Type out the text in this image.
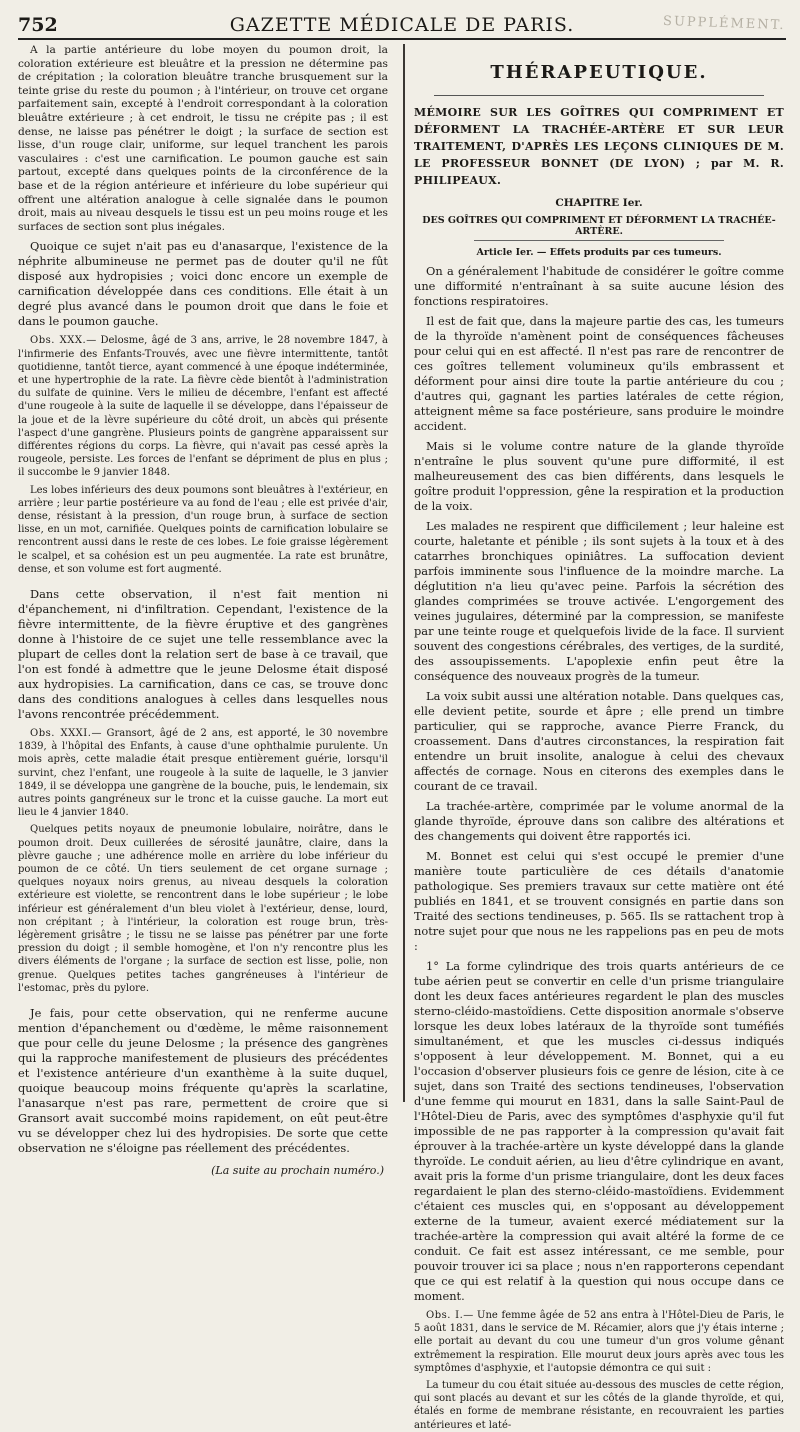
752	GAZETTE MÉDICALE DE PARIS.	SUPPLÉMENT.

A la partie antérieure du lobe moyen du poumon droit, la coloration extérieure est bleuâtre et la pression ne détermine pas de crépitation ; la coloration bleuâtre tranche brusquement sur la teinte grise du reste du poumon ; à l'intérieur, on trouve cet organe parfaitement sain, excepté à l'endroit correspondant à la coloration bleuâtre extérieure ; à cet endroit, le tissu ne crépite pas ; il est dense, ne laisse pas pénétrer le doigt ; la surface de section est lisse, d'un rouge clair, uniforme, sur lequel tranchent les parois vasculaires : c'est une carnification. Le poumon gauche est sain partout, excepté dans quelques points de la circonférence de la base et de la région antérieure et inférieure du lobe supérieur qui offrent une altération analogue à celle signalée dans le poumon droit, mais au niveau desquels le tissu est un peu moins rouge et les surfaces de section sont plus inégales.

Quoique ce sujet n'ait pas eu d'anasarque, l'existence de la néphrite albumineuse ne permet pas de douter qu'il ne fût disposé aux hydropisies ; voici donc encore un exemple de carnification développée dans ces conditions. Elle était à un degré plus avancé dans le poumon droit que dans le foie et dans le poumon gauche.

Obs. XXX.— Delosme, âgé de 3 ans, arrive, le 28 novembre 1847, à l'infirmerie des Enfants-Trouvés, avec une fièvre intermittente, tantôt quotidienne, tantôt tierce, ayant commencé à une époque indéterminée, et une hypertrophie de la rate. La fièvre cède bientôt à l'administration du sulfate de quinine. Vers le milieu de décembre, l'enfant est affecté d'une rougeole à la suite de laquelle il se développe, dans l'épaisseur de la joue et de la lèvre supérieure du côté droit, un abcès qui présente l'aspect d'une gangrène. Plusieurs points de gangrène apparaissent sur différentes régions du corps. La fièvre, qui n'avait pas cessé après la rougeole, persiste. Les forces de l'enfant se dépriment de plus en plus ; il succombe le 9 janvier 1848.

Les lobes inférieurs des deux poumons sont bleuâtres à l'extérieur, en arrière ; leur partie postérieure va au fond de l'eau ; elle est privée d'air, dense, résistant à la pression, d'un rouge brun, à surface de section lisse, en un mot, carnifiée. Quelques points de carnification lobulaire se rencontrent aussi dans le reste de ces lobes. Le foie graisse légèrement le scalpel, et sa cohésion est un peu augmentée. La rate est brunâtre, dense, et son volume est fort augmenté.

Dans cette observation, il n'est fait mention ni d'épanchement, ni d'infiltration. Cependant, l'existence de la fièvre intermittente, de la fièvre éruptive et des gangrènes donne à l'histoire de ce sujet une telle ressemblance avec la plupart de celles dont la relation sert de base à ce travail, que l'on est fondé à admettre que le jeune Delosme était disposé aux hydropisies. La carnification, dans ce cas, se trouve donc dans des conditions analogues à celles dans lesquelles nous l'avons rencontrée précédemment.

Obs. XXXI.— Gransort, âgé de 2 ans, est apporté, le 30 novembre 1839, à l'hôpital des Enfants, à cause d'une ophthalmie purulente. Un mois après, cette maladie était presque entièrement guérie, lorsqu'il survint, chez l'enfant, une rougeole à la suite de laquelle, le 3 janvier 1849, il se développa une gangrène de la bouche, puis, le lendemain, six autres points gangréneux sur le tronc et la cuisse gauche. La mort eut lieu le 4 janvier 1840.

Quelques petits noyaux de pneumonie lobulaire, noirâtre, dans le poumon droit. Deux cuillerées de sérosité jaunâtre, claire, dans la plèvre gauche ; une adhérence molle en arrière du lobe inférieur du poumon de ce côté. Un tiers seulement de cet organe surnage ; quelques noyaux noirs grenus, au niveau desquels la coloration extérieure est violette, se rencontrent dans le lobe supérieur ; le lobe inférieur est généralement d'un bleu violet à l'extérieur, dense, lourd, non crépitant ; à l'intérieur, la coloration est rouge brun, très-légèrement grisâtre ; le tissu ne se laisse pas pénétrer par une forte pression du doigt ; il semble homogène, et l'on n'y rencontre plus les divers éléments de l'organe ; la surface de section est lisse, polie, non grenue. Quelques petites taches gangréneuses à l'intérieur de l'estomac, près du pylore.

Je fais, pour cette observation, qui ne renferme aucune mention d'épanchement ou d'œdème, le même raisonnement que pour celle du jeune Delosme ; la présence des gangrènes qui la rapproche manifestement de plusieurs des précédentes et l'existence antérieure d'un exanthème à la suite duquel, quoique beaucoup moins fréquente qu'après la scarlatine, l'anasarque n'est pas rare, permettent de croire que si Gransort avait succombé moins rapidement, on eût peut-être vu se développer chez lui des hydropisies. De sorte que cette observation ne s'éloigne pas réellement des précédentes.

(La suite au prochain numéro.)

THÉRAPEUTIQUE.

MÉMOIRE SUR LES GOÎTRES QUI COMPRIMENT ET DÉFORMENT LA TRACHÉE-ARTÈRE ET SUR LEUR TRAITEMENT, D'APRÈS LES LEÇONS CLINIQUES DE M. LE PROFESSEUR BONNET (DE LYON) ; par M. R. PHILIPEAUX.

CHAPITRE Ier.
DES GOÎTRES QUI COMPRIMENT ET DÉFORMENT LA TRACHÉE-ARTÈRE.
Article Ier. — Effets produits par ces tumeurs.

On a généralement l'habitude de considérer le goître comme une difformité n'entraînant à sa suite aucune lésion des fonctions respiratoires.

Il est de fait que, dans la majeure partie des cas, les tumeurs de la thyroïde n'amènent point de conséquences fâcheuses pour celui qui en est affecté. Il n'est pas rare de rencontrer de ces goîtres tellement volumineux qu'ils embrassent et déforment pour ainsi dire toute la partie antérieure du cou ; d'autres qui, gagnant les parties latérales de cette région, atteignent même sa face postérieure, sans produire le moindre accident.

Mais si le volume contre nature de la glande thyroïde n'entraîne le plus souvent qu'une pure difformité, il est malheureusement des cas bien différents, dans lesquels le goître produit l'oppression, gêne la respiration et la production de la voix.

Les malades ne respirent que difficilement ; leur haleine est courte, haletante et pénible ; ils sont sujets à la toux et à des catarrhes bronchiques opiniâtres. La suffocation devient parfois imminente sous l'influence de la moindre marche. La déglutition n'a lieu qu'avec peine. Parfois la sécrétion des glandes comprimées se trouve activée. L'engorgement des veines jugulaires, déterminé par la compression, se manifeste par une teinte rouge et quelquefois livide de la face. Il survient souvent des congestions cérébrales, des vertiges, de la surdité, des assoupissements. L'apoplexie enfin peut être la conséquence des nouveaux progrès de la tumeur.

La voix subit aussi une altération notable. Dans quelques cas, elle devient petite, sourde et âpre ; elle prend un timbre particulier, qui se rapproche, avance Pierre Franck, du croassement. Dans d'autres circonstances, la respiration fait entendre un bruit insolite, analogue à celui des chevaux affectés de cornage. Nous en citerons des exemples dans le courant de ce travail.

La trachée-artère, comprimée par le volume anormal de la glande thyroïde, éprouve dans son calibre des altérations et des changements qui doivent être rapportés ici.

M. Bonnet est celui qui s'est occupé le premier d'une manière toute particulière de ces détails d'anatomie pathologique. Ses premiers travaux sur cette matière ont été publiés en 1841, et se trouvent consignés en partie dans son Traité des sections tendineuses, p. 565. Ils se rattachent trop à notre sujet pour que nous ne les rappelions pas en peu de mots :

1° La forme cylindrique des trois quarts antérieurs de ce tube aérien peut se convertir en celle d'un prisme triangulaire dont les deux faces antérieures regardent le plan des muscles sterno-cléido-mastoïdiens. Cette disposition anormale s'observe lorsque les deux lobes latéraux de la thyroïde sont tuméfiés simultanément, et que les muscles ci-dessus indiqués s'opposent à leur développement. M. Bonnet, qui a eu l'occasion d'observer plusieurs fois ce genre de lésion, cite à ce sujet, dans son Traité des sections tendineuses, l'observation d'une femme qui mourut en 1831, dans la salle Saint-Paul de l'Hôtel-Dieu de Paris, avec des symptômes d'asphyxie qu'il fut impossible de ne pas rapporter à la compression qu'avait fait éprouver à la trachée-artère un kyste développé dans la glande thyroïde. Le conduit aérien, au lieu d'être cylindrique en avant, avait pris la forme d'un prisme triangulaire, dont les deux faces regardaient le plan des sterno-cléido-mastoïdiens. Evidemment c'étaient ces muscles qui, en s'opposant au développement externe de la tumeur, avaient exercé médiatement sur la trachée-artère la compression qui avait altéré la forme de ce conduit. Ce fait est assez intéressant, ce me semble, pour pouvoir trouver ici sa place ; nous n'en rapporterons cependant que ce qui est relatif à la question qui nous occupe dans ce moment.

Obs. I.— Une femme âgée de 52 ans entra à l'Hôtel-Dieu de Paris, le 5 août 1831, dans le service de M. Récamier, alors que j'y étais interne ; elle portait au devant du cou une tumeur d'un gros volume gênant extrêmement la respiration. Elle mourut deux jours après avec tous les symptômes d'asphyxie, et l'autopsie démontra ce qui suit :

La tumeur du cou était située au-dessous des muscles de cette région, qui sont placés au devant et sur les côtés de la glande thyroïde, et qui, étalés en forme de membrane résistante, en recouvraient les parties antérieures et laté-
